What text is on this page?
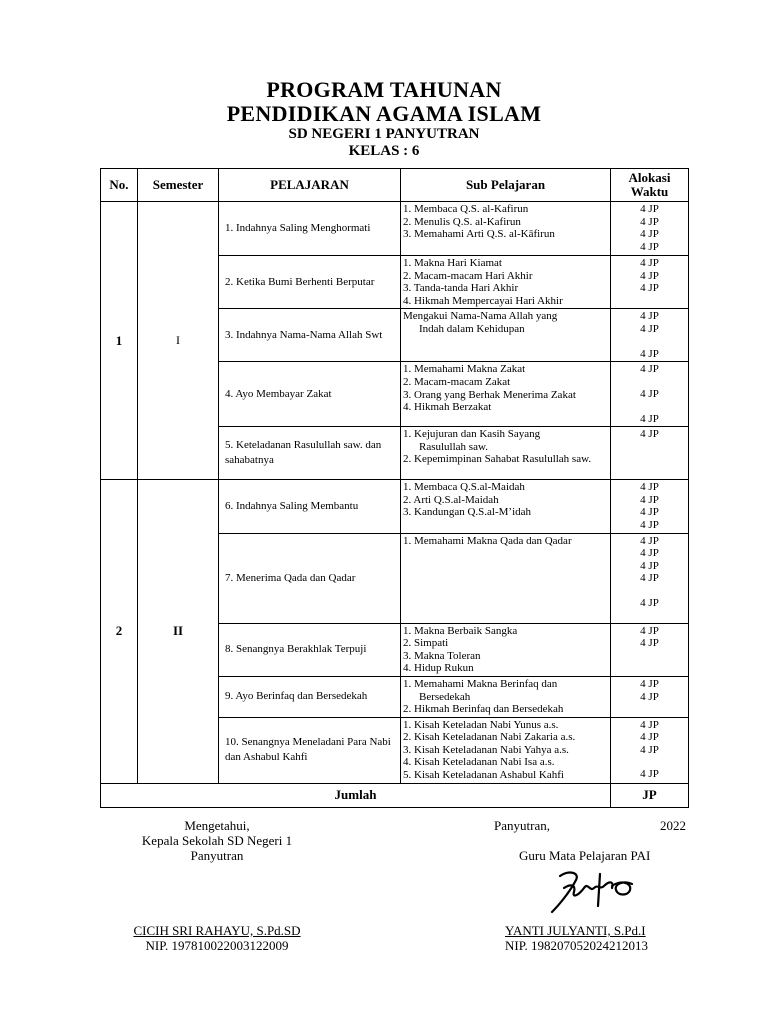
PROGRAM TAHUNAN
PENDIDIKAN AGAMA ISLAM
SD NEGERI 1 PANYUTRAN
KELAS : 6
No.	Semester	PELAJARAN	Sub Pelajaran	Alokasi Waktu
1	I	1. Indahnya Saling Menghormati	1. Membaca Q.S. al-Kafirun
2. Menulis Q.S. al-Kafirun
3. Memahami Arti Q.S. al-Kāfirun	4 JP
4 JP
4 JP
4 JP

		2. Ketika Bumi Berhenti Berputar	1. Makna Hari Kiamat
2. Macam-macam Hari Akhir
3. Tanda-tanda Hari Akhir
4. Hikmah Mempercayai Hari Akhir	4 JP
4 JP
4 JP

		3. Indahnya Nama-Nama Allah Swt	Mengakui Nama-Nama Allah yang
Indah dalam Kehidupan	4 JP
4 JP
4 JP

		4. Ayo Membayar Zakat	1. Memahami Makna Zakat
2. Macam-macam Zakat
3. Orang yang Berhak Menerima Zakat
4. Hikmah Berzakat	4 JP
4 JP
4 JP

		5. Keteladanan Rasulullah saw. dan sahabatnya	1. Kejujuran dan Kasih Sayang
Rasulullah saw.
2. Kepemimpinan Sahabat Rasulullah saw.	4 JP

2	II	6. Indahnya Saling Membantu	1. Membaca Q.S.al-Maidah
2. Arti Q.S.al-Maidah
3. Kandungan Q.S.al-M’idah	4 JP
4 JP
4 JP
4 JP

		7. Menerima Qada dan Qadar	1. Memahami Makna Qada dan Qadar	4 JP
4 JP
4 JP
4 JP
4 JP

		8. Senangnya Berakhlak Terpuji	1. Makna Berbaik Sangka
2. Simpati
3. Makna Toleran
4. Hidup Rukun	4 JP
4 JP

		9. Ayo Berinfaq dan Bersedekah	1. Memahami Makna Berinfaq dan
Bersedekah
2. Hikmah Berinfaq dan Bersedekah	4 JP
4 JP

		10. Senangnya Meneladani Para Nabi dan Ashabul Kahfi	1. Kisah Keteladan Nabi Yunus a.s.
2. Kisah Keteladanan Nabi Zakaria a.s.
3. Kisah Keteladanan Nabi Yahya a.s.
4. Kisah Keteladanan Nabi Isa a.s.
5. Kisah Keteladanan Ashabul Kahfi	4 JP
4 JP
4 JP
4 JP

Jumlah				JP
Mengetahui,
Kepala Sekolah SD Negeri 1
Panyutran
CICIH SRI RAHAYU, S.Pd.SD
NIP. 197810022003122009
Panyutran,	2022
Guru Mata Pelajaran PAI
YANTI JULYANTI, S.Pd.I
NIP. 198207052024212013
